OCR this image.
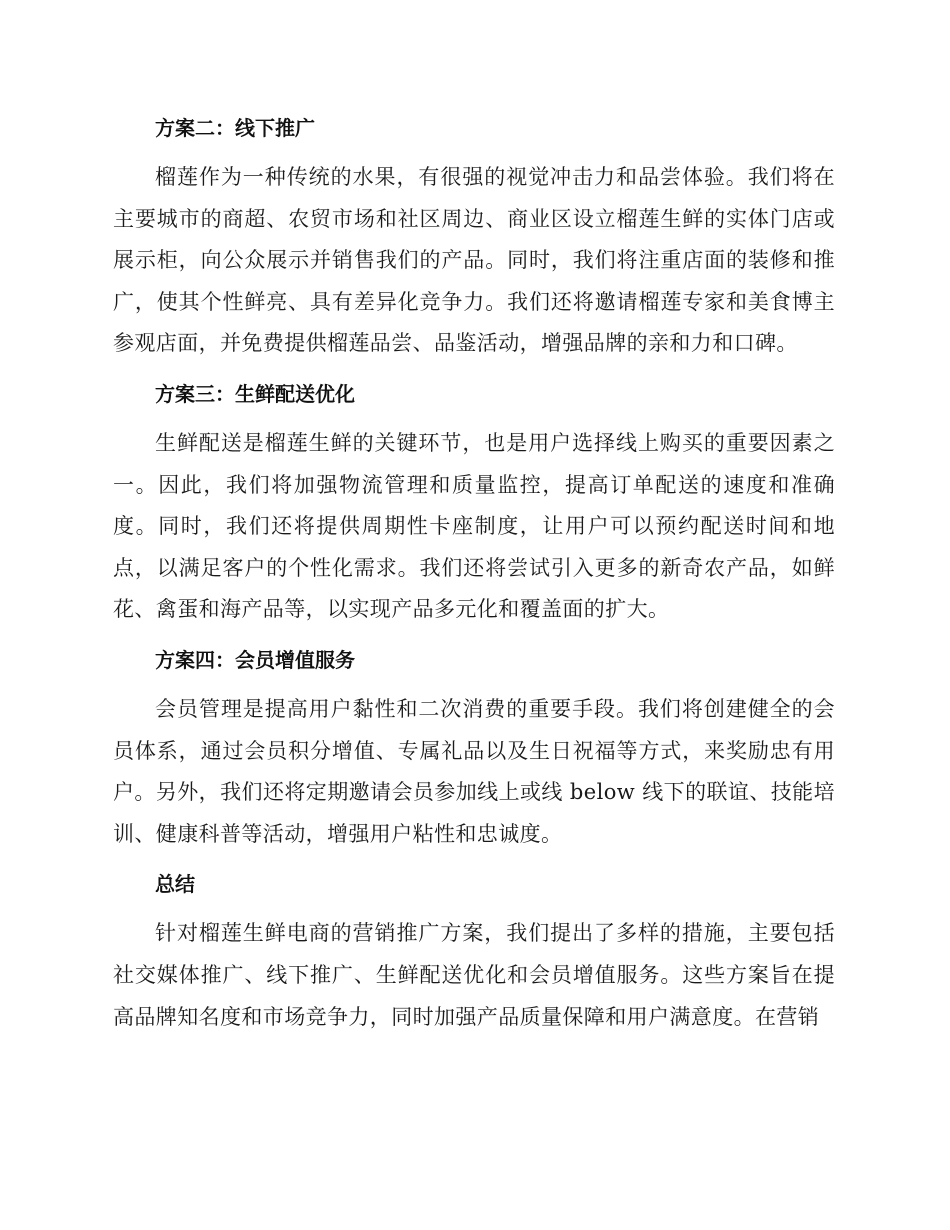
方案二：线下推广

榴莲作为一种传统的水果，有很强的视觉冲击力和品尝体验。我们将在主要城市的商超、农贸市场和社区周边、商业区设立榴莲生鲜的实体门店或展示柜，向公众展示并销售我们的产品。同时，我们将注重店面的装修和推广，使其个性鲜亮、具有差异化竞争力。我们还将邀请榴莲专家和美食博主参观店面，并免费提供榴莲品尝、品鉴活动，增强品牌的亲和力和口碑。

方案三：生鲜配送优化

生鲜配送是榴莲生鲜的关键环节，也是用户选择线上购买的重要因素之一。因此，我们将加强物流管理和质量监控，提高订单配送的速度和准确度。同时，我们还将提供周期性卡座制度，让用户可以预约配送时间和地点，以满足客户的个性化需求。我们还将尝试引入更多的新奇农产品，如鲜花、禽蛋和海产品等，以实现产品多元化和覆盖面的扩大。

方案四：会员增值服务

会员管理是提高用户黏性和二次消费的重要手段。我们将创建健全的会员体系，通过会员积分增值、专属礼品以及生日祝福等方式，来奖励忠有用户。另外，我们还将定期邀请会员参加线上或线 below 线下的联谊、技能培训、健康科普等活动，增强用户粘性和忠诚度。

总结

针对榴莲生鲜电商的营销推广方案，我们提出了多样的措施，主要包括社交媒体推广、线下推广、生鲜配送优化和会员增值服务。这些方案旨在提高品牌知名度和市场竞争力，同时加强产品质量保障和用户满意度。在营销
